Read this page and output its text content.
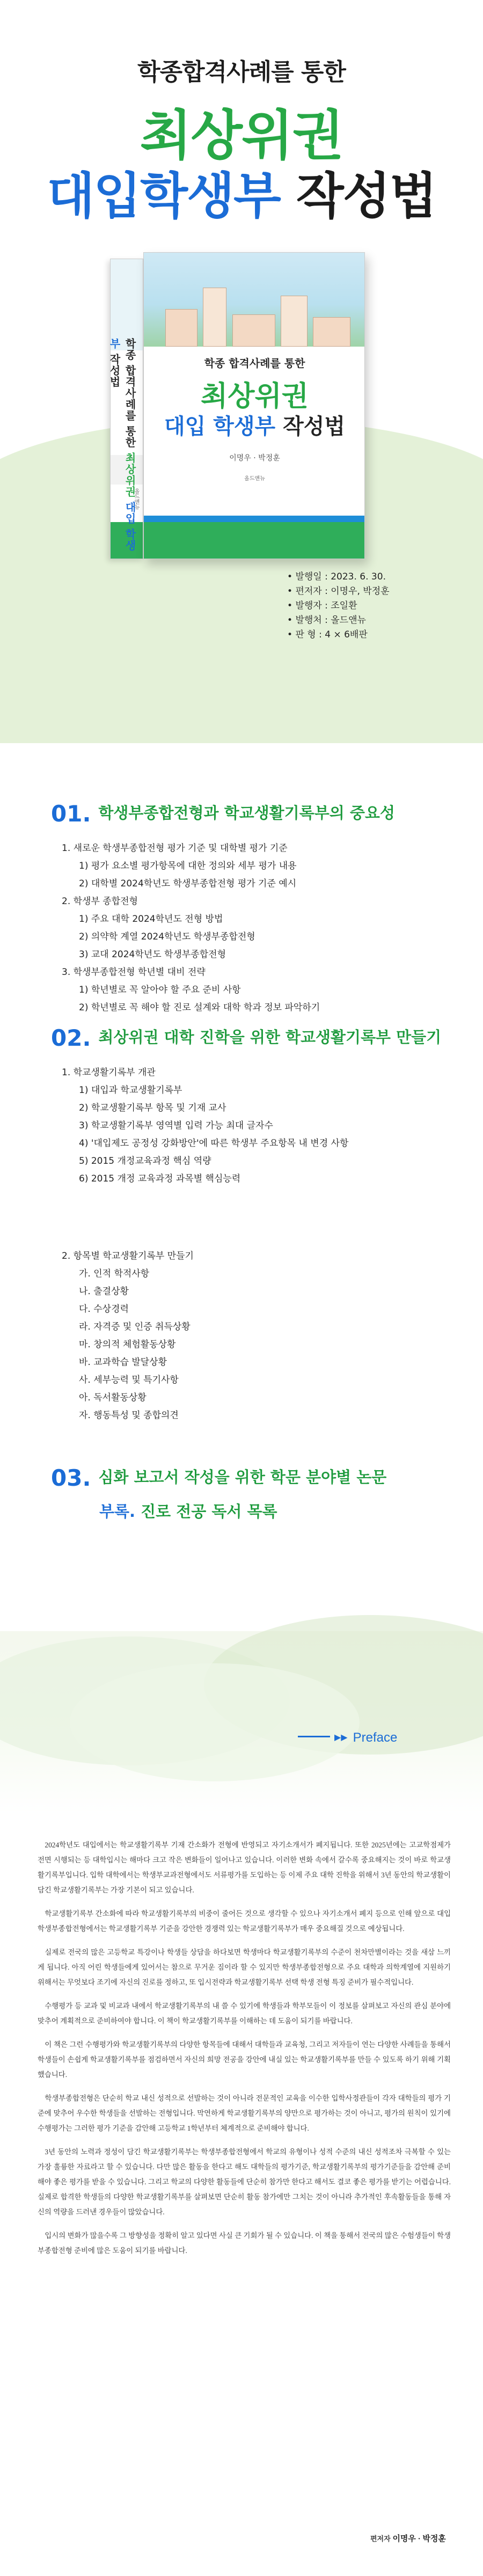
학종합격사례를 통한
최상위권
대입학생부 작성법
학종 합격사례를 통한 최상위권 대입 학생부 작성법
올드앤뉴
학종 합격사례를 통한
최상위권
대입 학생부 작성법
이명우 · 박정훈
올드앤뉴
• 발행일 : 2023. 6. 30.
• 편저자 : 이명우, 박정훈
• 발행자 : 조일환
• 발행처 : 올드앤뉴
• 판 형 : 4 × 6배판
01. 학생부종합전형과 학교생활기록부의 중요성
1. 새로운 학생부종합전형 평가 기준 및 대학별 평가 기준
1) 평가 요소별 평가항목에 대한 정의와 세부 평가 내용
2) 대학별 2024학년도 학생부종합전형 평가 기준 예시
2. 학생부 종합전형
1) 주요 대학 2024학년도 전형 방법
2) 의약학 계열 2024학년도 학생부종합전형
3) 교대 2024학년도 학생부종합전형
3. 학생부종합전형 학년별 대비 전략
1) 학년별로 꼭 알아야 할 주요 준비 사항
2) 학년별로 꼭 해야 할 진로 설계와 대학 학과 정보 파악하기
02. 최상위권 대학 진학을 위한 학교생활기록부 만들기
1. 학교생활기록부 개관
1) 대입과 학교생활기록부
2) 학교생활기록부 항목 및 기재 교사
3) 학교생활기록부 영역별 입력 가능 최대 글자수
4) '대입제도 공정성 강화방안'에 따른 학생부 주요항목 내 변경 사항
5) 2015 개정교육과정 핵심 역량
6) 2015 개정 교육과정 과목별 핵심능력
2. 항목별 학교생활기록부 만들기
가. 인적 학적사항
나. 출결상황
다. 수상경력
라. 자격증 및 인증 취득상황
마. 창의적 체험활동상황
바. 교과학습 발달상황
사. 세부능력 및 특기사항
아. 독서활동상황
자. 행동특성 및 종합의견
03. 심화 보고서 작성을 위한 학문 분야별 논문
부록. 진로 전공 독서 목록
▶▶ Preface

2024학년도 대입에서는 학교생활기록부 기재 간소화가 전형에 반영되고 자기소개서가 폐지됩니다. 또한 2025년에는 고교학점제가 전면 시행되는 등 대학입시는 해마다 크고 작은 변화들이 일어나고 있습니다. 이러한 변화 속에서 갈수록 중요해지는 것이 바로 학교생활기록부입니다. 입학 대학에서는 학생부교과전형에서도 서류평가를 도입하는 등 이제 주요 대학 진학을 위해서 3년 동안의 학교생활이 담긴 학교생활기록부는 가장 기본이 되고 있습니다.

학교생활기록부 간소화에 따라 학교생활기록부의 비중이 줄어든 것으로 생각할 수 있으나 자기소개서 폐지 등으로 인해 앞으로 대입 학생부종합전형에서는 학교생활기록부 기준을 강안한 경쟁력 있는 학교생활기록부가 매우 중요해질 것으로 예상됩니다.

실제로 전국의 많은 고등학교 특강이나 학생들 상담을 하다보면 학생마다 학교생활기록부의 수준이 천차만별이라는 것을 새삼 느끼게 됩니다. 아직 어린 학생들에게 있어서는 참으로 무거운 짐이라 할 수 있지만 학생부종합전형으로 주요 대학과 의학계열에 지원하기 위해서는 무엇보다 조기에 자신의 진로를 정하고, 또 입시전략과 학교생활기록부 선택 학생 전형 특징 준비가 필수적입니다.

수행평가 등 교과 및 비교과 내에서 학교생활기록부의 내 쓸 수 있기에 학생들과 학부모들이 이 정보를 살펴보고 자신의 관심 분야에 맞추어 계획적으로 준비하여야 합니다. 이 책이 학교생활기록부를 이해하는 데 도움이 되기를 바랍니다.

이 책은 그런 수행평가와 학교생활기록부의 다양한 항목들에 대해서 대학들과 교육청, 그리고 저자들이 연는 다양한 사례들을 통해서 학생들이 손쉽게 학교생활기록부를 점검하면서 자신의 희망 전공을 강안에 내실 있는 학교생활기록부를 만들 수 있도록 하기 위해 기획했습니다.

학생부종합전형은 단순히 학교 내신 성적으로 선발하는 것이 아니라 전문적인 교육을 이수한 입학사정관들이 각자 대학들의 평가 기준에 맞추어 우수한 학생들을 선발하는 전형입니다. 막연하게 학교생활기록부의 양만으로 평가하는 것이 아니고, 평가의 원칙이 있기에 수행평가는 그러한 평가 기준을 감안해 고등학교 1학년부터 체계적으로 준비해야 합니다.

3년 동안의 노력과 정성이 담긴 학교생활기록부는 학생부종합전형에서 학교의 유형이나 성적 수준의 내신 성적조차 극복할 수 있는 가장 훌륭한 자료라고 할 수 있습니다. 다만 많은 활동을 한다고 해도 대학들의 평가기준, 학교생활기록부의 평가기준들을 감안해 준비해야 좋은 평가를 받을 수 있습니다. 그리고 학교의 다양한 활동들에 단순히 참가만 한다고 해서도 결코 좋은 평가를 받기는 어렵습니다. 실제로 합격한 학생들의 다양한 학교생활기록부를 살펴보면 단순히 활동 참가에만 그치는 것이 아니라 추가적인 후속활동들을 통해 자신의 역량을 드러낸 경우들이 많았습니다.

입시의 변화가 많을수록 그 방향성을 정확히 알고 있다면 사실 큰 기회가 될 수 있습니다. 이 책을 통해서 전국의 많은 수험생들이 학생부종합전형 준비에 많은 도움이 되기를 바랍니다.

편저자 이명우 · 박정훈
